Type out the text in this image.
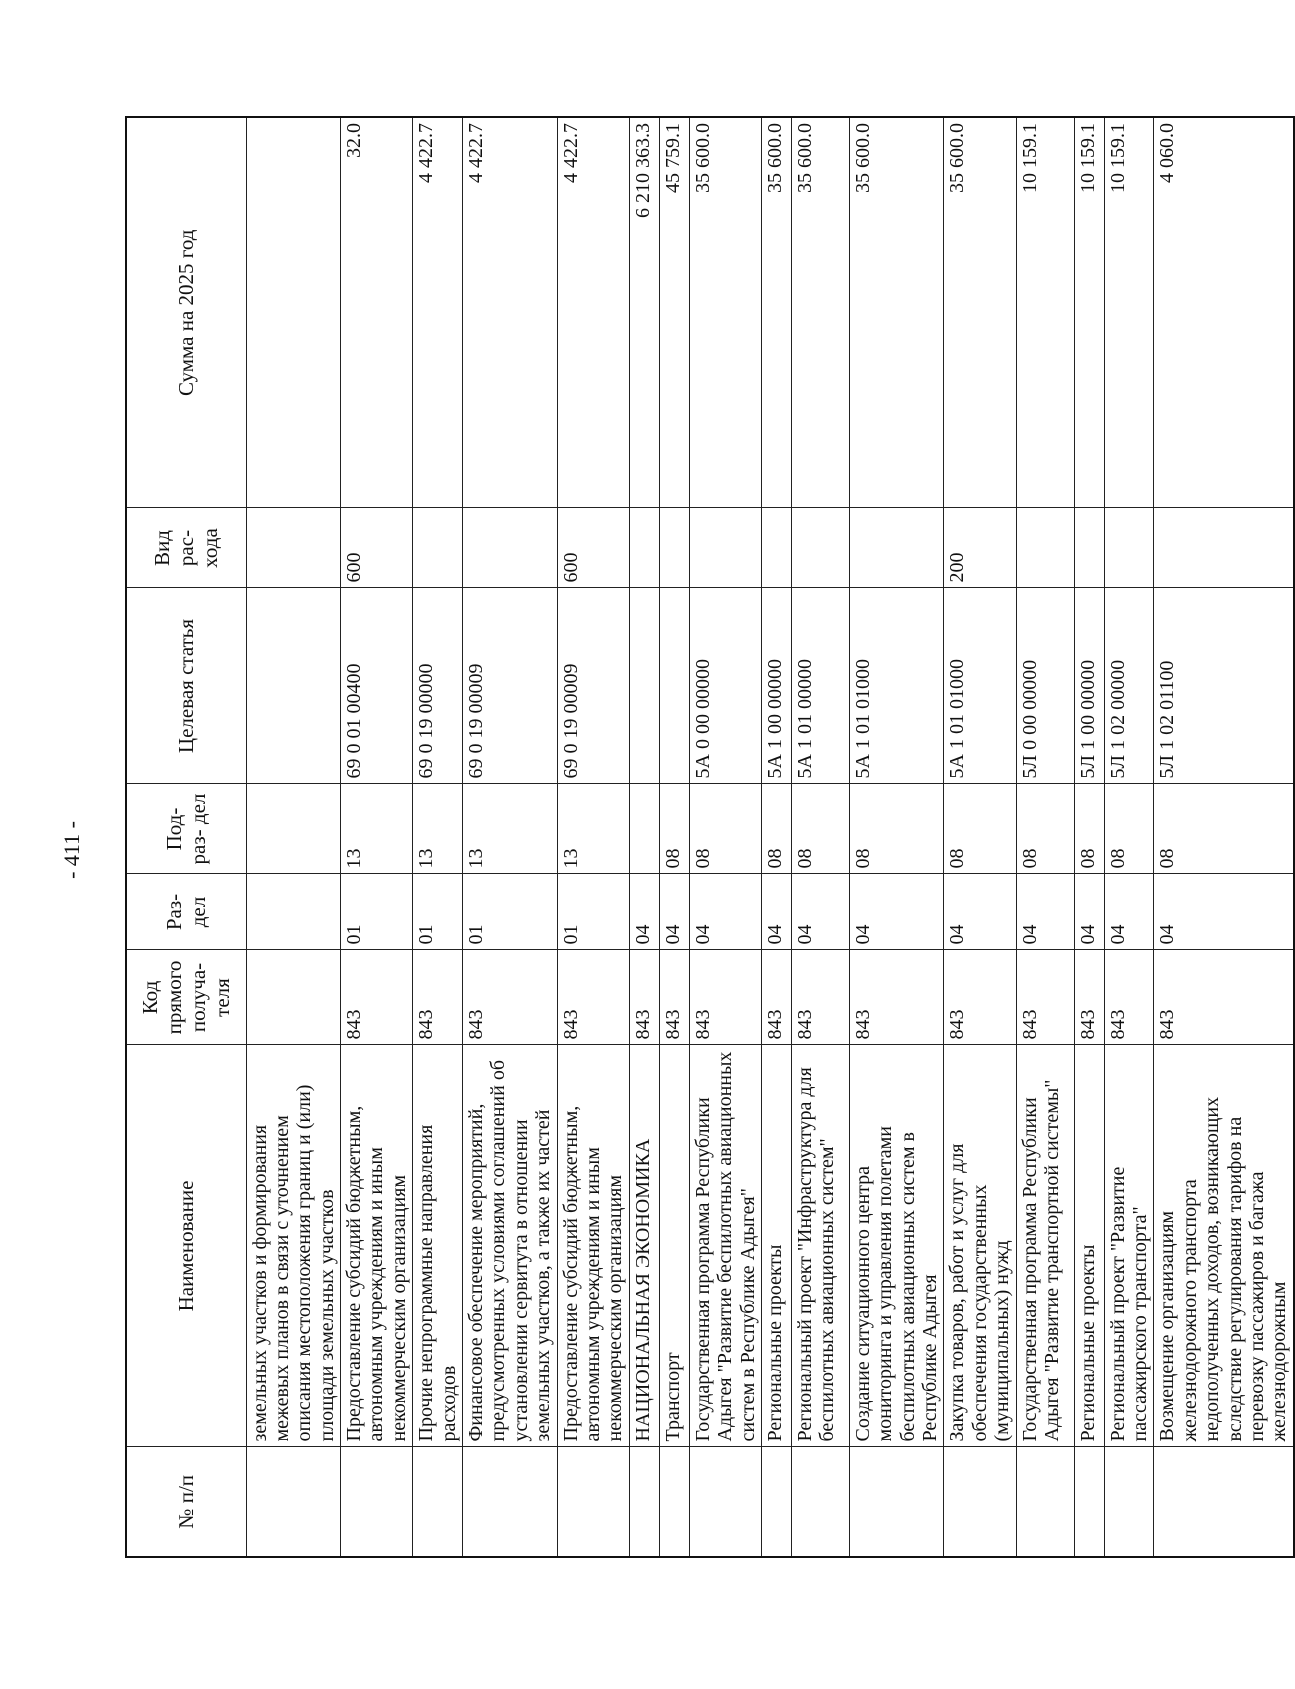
- 411 -
№ п/п	Наименование	Код прямого получа- теля	Раз- дел	Под- раз- дел	Целевая статья	Вид рас- хода	Сумма на 2025 год
	земельных участков и формирования межевых планов в связи с уточнением описания местоположения границ и (или) площади земельных участков						
	Предоставление субсидий бюджетным, автономным учреждениям и иным некоммерческим организациям	843	01	13	69 0 01 00400	600	32.0
	Прочие непрограммные направления расходов	843	01	13	69 0 19 00000		4 422.7
	Финансовое обеспечение мероприятий, предусмотренных условиями соглашений об установлении сервитута в отношении земельных участков, а также их частей	843	01	13	69 0 19 00009		4 422.7
	Предоставление субсидий бюджетным, автономным учреждениям и иным некоммерческим организациям	843	01	13	69 0 19 00009	600	4 422.7
	НАЦИОНАЛЬНАЯ ЭКОНОМИКА	843	04				6 210 363.3
	Транспорт	843	04	08			45 759.1
	Государственная программа Республики Адыгея "Развитие беспилотных авиационных систем в Республике Адыгея"	843	04	08	5А 0 00 00000		35 600.0
	Региональные проекты	843	04	08	5А 1 00 00000		35 600.0
	Региональный проект "Инфраструктура для беспилотных авиационных систем"	843	04	08	5А 1 01 00000		35 600.0
	Создание ситуационного центра мониторинга и управления полетами беспилотных авиационных систем в Республике Адыгея	843	04	08	5А 1 01 01000		35 600.0
	Закупка товаров, работ и услуг для обеспечения государственных (муниципальных) нужд	843	04	08	5А 1 01 01000	200	35 600.0
	Государственная программа Республики Адыгея "Развитие транспортной системы"	843	04	08	5Л 0 00 00000		10 159.1
	Региональные проекты	843	04	08	5Л 1 00 00000		10 159.1
	Региональный проект "Развитие пассажирского транспорта"	843	04	08	5Л 1 02 00000		10 159.1
	Возмещение организациям железнодорожного транспорта недополученных доходов, возникающих вследствие регулирования тарифов на перевозку пассажиров и багажа железнодорожным	843	04	08	5Л 1 02 01100		4 060.0
